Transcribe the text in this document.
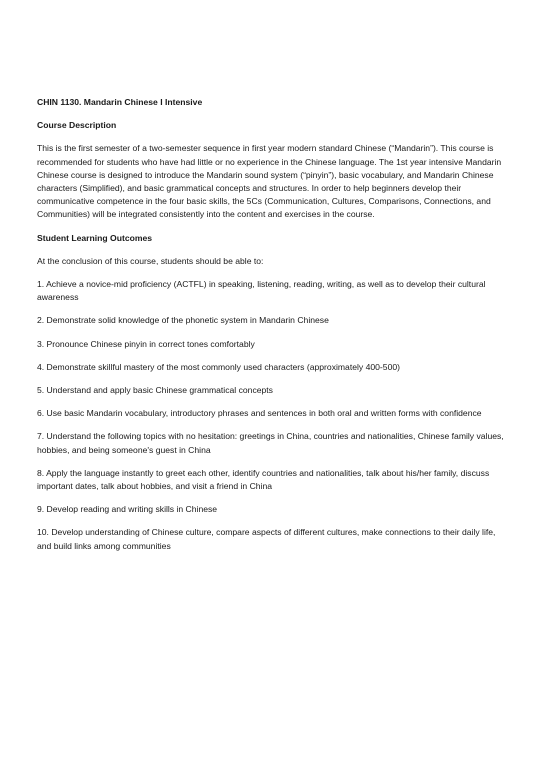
CHIN 1130. Mandarin Chinese I Intensive
Course Description
This is the first semester of a two-semester sequence in first year modern standard Chinese (“Mandarin”). This course is recommended for students who have had little or no experience in the Chinese language. The 1st year intensive Mandarin Chinese course is designed to introduce the Mandarin sound system (“pinyin”), basic vocabulary, and Mandarin Chinese characters (Simplified), and basic grammatical concepts and structures. In order to help beginners develop their communicative competence in the four basic skills, the 5Cs (Communication, Cultures, Comparisons, Connections, and Communities) will be integrated consistently into the content and exercises in the course.
Student Learning Outcomes
At the conclusion of this course, students should be able to:
1. Achieve a novice-mid proficiency (ACTFL) in speaking, listening, reading, writing, as well as to develop their cultural awareness
2. Demonstrate solid knowledge of the phonetic system in Mandarin Chinese
3. Pronounce Chinese pinyin in correct tones comfortably
4. Demonstrate skillful mastery of the most commonly used characters (approximately 400-500)
5. Understand and apply basic Chinese grammatical concepts
6. Use basic Mandarin vocabulary, introductory phrases and sentences in both oral and written forms with confidence
7. Understand the following topics with no hesitation: greetings in China, countries and nationalities, Chinese family values, hobbies, and being someone's guest in China
8. Apply the language instantly to greet each other, identify countries and nationalities, talk about his/her family, discuss important dates, talk about hobbies, and visit a friend in China
9. Develop reading and writing skills in Chinese
10. Develop understanding of Chinese culture, compare aspects of different cultures, make connections to their daily life, and build links among communities
